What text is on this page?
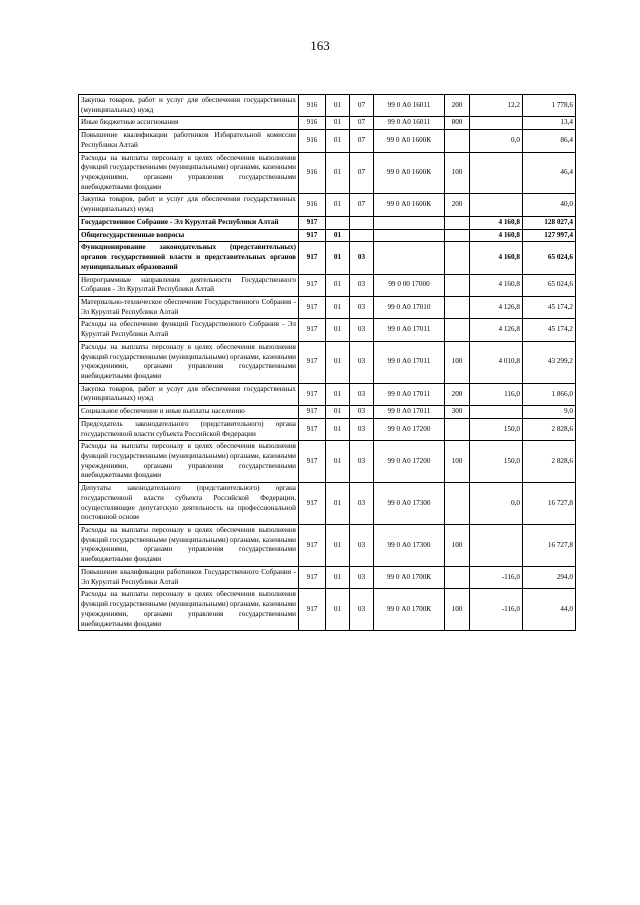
163
Закупка товаров, работ и услуг для обеспечения государственных (муниципальных) нужд	916	01	07	99 0 А0 16011	200	12,2	1 778,6
Иные бюджетные ассигнования	916	01	07	99 0 А0 16011	800		13,4
Повышение квалификации работников Избирательной комиссии Республики Алтай	916	01	07	99 0 А0 1600К		0,0	86,4
Расходы на выплаты персоналу в целях обеспечения выполнения функций государственными (муниципальными) органами, казенными учреждениями, органами управления государственными внебюджетными фондами	916	01	07	99 0 А0 1600К	100		46,4
Закупка товаров, работ и услуг для обеспечения государственных (муниципальных) нужд	916	01	07	99 0 А0 1600К	200		40,0
Государственное Собрание - Эл Курултай Республики Алтай	917					4 160,8	128 027,4
Общегосударственные вопросы	917	01				4 160,8	127 997,4
Функционирование законодательных (представительных) органов государственной власти и представительных органов муниципальных образований	917	01	03			4 160,8	65 024,6
Непрограммные направления деятельности Государственного Собрания - Эл Курултай Республики Алтай	917	01	03	99 0 00 17000		4 160,8	65 024,6
Материально-техническое обеспечение Государственного Собрания - Эл Курултай Республики Алтай	917	01	03	99 0 А0 17010		4 126,8	45 174,2
Расходы на обеспечение функций Государственного Собрания - Эл Курултай Республики Алтай	917	01	03	99 0 А0 17011		4 126,8	45 174,2
Расходы на выплаты персоналу в целях обеспечения выполнения функций государственными (муниципальными) органами, казенными учреждениями, органами управления государственными внебюджетными фондами	917	01	03	99 0 А0 17011	100	4 010,8	43 299,2
Закупка товаров, работ и услуг для обеспечения государственных (муниципальных) нужд	917	01	03	99 0 А0 17011	200	116,0	1 866,0
Социальное обеспечение и иные выплаты населению	917	01	03	99 0 А0 17011	300		9,0
Председатель законодательного (представительного) органа государственной власти субъекта Российской Федерации	917	01	03	99 0 А0 17200		150,0	2 828,6
Расходы на выплаты персоналу в целях обеспечения выполнения функций государственными (муниципальными) органами, казенными учреждениями, органами управления государственными внебюджетными фондами	917	01	03	99 0 А0 17200	100	150,0	2 828,6
Депутаты законодательного (представительного) органа государственной власти субъекта Российской Федерации, осуществляющие депутатскую деятельность на профессиональной постоянной основе	917	01	03	99 0 А0 17300		0,0	16 727,8
Расходы на выплаты персоналу в целях обеспечения выполнения функций государственными (муниципальными) органами, казенными учреждениями, органами управления государственными внебюджетными фондами	917	01	03	99 0 А0 17300	100		16 727,8
Повышение квалификации работников Государственного Собрания - Эл Курултай Республики Алтай	917	01	03	99 0 А0 1700К		-116,0	294,0
Расходы на выплаты персоналу в целях обеспечения выполнения функций государственными (муниципальными) органами, казенными учреждениями, органами управления государственными внебюджетными фондами	917	01	03	99 0 А0 1700К	100	-116,0	44,0
